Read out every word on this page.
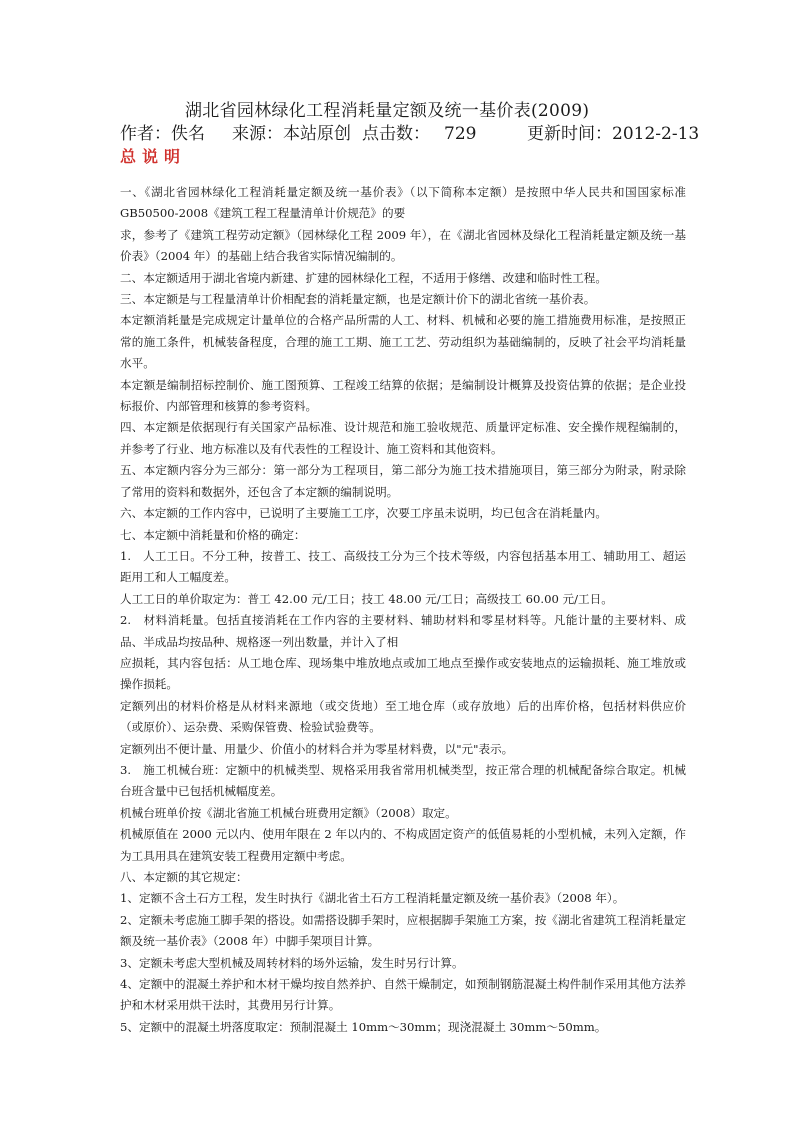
湖北省园林绿化工程消耗量定额及统一基价表(2009)
作者：佚名 来源：本站原创 点击数： 729	更新时间：2012-2-13
总说明

一、《湖北省园林绿化工程消耗量定额及统一基价表》（以下简称本定额）是按照中华人民共和国国家标准GB50500-2008《建筑工程工程量清单计价规范》的要

求，参考了《建筑工程劳动定额》（园林绿化工程 2009 年），在《湖北省园林及绿化工程消耗量定额及统一基价表》（2004 年）的基础上结合我省实际情况编制的。

二、本定额适用于湖北省境内新建、扩建的园林绿化工程，不适用于修缮、改建和临时性工程。

三、本定额是与工程量清单计价相配套的消耗量定额，也是定额计价下的湖北省统一基价表。

本定额消耗量是完成规定计量单位的合格产品所需的人工、材料、机械和必要的施工措施费用标准，是按照正常的施工条件，机械装备程度，合理的施工工期、施工工艺、劳动组织为基础编制的，反映了社会平均消耗量水平。

本定额是编制招标控制价、施工图预算、工程竣工结算的依据；是编制设计概算及投资估算的依据；是企业投标报价、内部管理和核算的参考资料。

四、本定额是依据现行有关国家产品标准、设计规范和施工验收规范、质量评定标准、安全操作规程编制的，并参考了行业、地方标准以及有代表性的工程设计、施工资料和其他资料。

五、本定额内容分为三部分：第一部分为工程项目，第二部分为施工技术措施项目，第三部分为附录，附录除了常用的资料和数据外，还包含了本定额的编制说明。

六、本定额的工作内容中，已说明了主要施工工序，次要工序虽未说明，均已包含在消耗量内。

七、本定额中消耗量和价格的确定：

1.　人工工日。不分工种，按普工、技工、高级技工分为三个技术等级，内容包括基本用工、辅助用工、超运距用工和人工幅度差。

人工工日的单价取定为：普工 42.00 元/工日；技工 48.00 元/工日；高级技工 60.00 元/工日。

2.　材料消耗量。包括直接消耗在工作内容的主要材料、辅助材料和零星材料等。凡能计量的主要材料、成品、半成品均按品种、规格逐一列出数量，并计入了相

应损耗，其内容包括：从工地仓库、现场集中堆放地点或加工地点至操作或安装地点的运输损耗、施工堆放或操作损耗。

定额列出的材料价格是从材料来源地（或交货地）至工地仓库（或存放地）后的出库价格，包括材料供应价（或原价）、运杂费、采购保管费、检验试验费等。

定额列出不便计量、用量少、价值小的材料合并为零星材料费，以"元"表示。

3.　施工机械台班：定额中的机械类型、规格采用我省常用机械类型，按正常合理的机械配备综合取定。机械台班含量中已包括机械幅度差。

机械台班单价按《湖北省施工机械台班费用定额》（2008）取定。

机械原值在 2000 元以内、使用年限在 2 年以内的、不构成固定资产的低值易耗的小型机械，未列入定额，作为工具用具在建筑安装工程费用定额中考虑。

八、本定额的其它规定：

1、定额不含土石方工程，发生时执行《湖北省土石方工程消耗量定额及统一基价表》（2008 年）。

2、定额未考虑施工脚手架的搭设。如需搭设脚手架时，应根据脚手架施工方案，按《湖北省建筑工程消耗量定额及统一基价表》（2008 年）中脚手架项目计算。

3、定额未考虑大型机械及周转材料的场外运输，发生时另行计算。

4、定额中的混凝土养护和木材干燥均按自然养护、自然干燥制定，如预制钢筋混凝土构件制作采用其他方法养护和木材采用烘干法时，其费用另行计算。

5、定额中的混凝土坍落度取定：预制混凝土 10mm～30mm；现浇混凝土 30mm～50mm。
